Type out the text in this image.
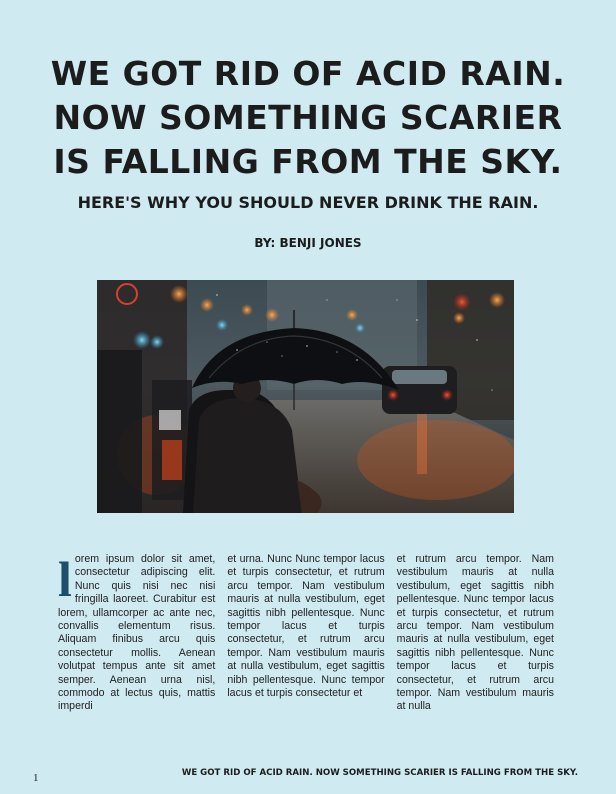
WE GOT RID OF ACID RAIN.
NOW SOMETHING SCARIER
IS FALLING FROM THE SKY.
HERE'S WHY YOU SHOULD NEVER DRINK THE RAIN.

BY: BENJI JONES

lorem ipsum dolor sit amet, consectetur adipiscing elit. Nunc quis nisi nec nisi fringilla laoreet. Curabitur est lorem, ullamcorper ac ante nec, convallis elementum risus. Aliquam finibus arcu quis consectetur mollis. Aenean volutpat tempus ante sit amet semper. Aenean urna nisl, commodo at lectus quis, mattis imperdi

et urna. Nunc Nunc tempor lacus et turpis consectetur, et rutrum arcu tempor. Nam vestibulum mauris at nulla vestibulum, eget sagittis nibh pellentesque. Nunc tempor lacus et turpis consectetur, et rutrum arcu tempor. Nam vestibulum mauris at nulla vestibulum, eget sagittis nibh pellentesque. Nunc tempor lacus et turpis consectetur et

et rutrum arcu tempor. Nam vestibulum mauris at nulla vestibulum, eget sagittis nibh pellentesque. Nunc tempor lacus et turpis consectetur, et rutrum arcu tempor. Nam vestibulum mauris at nulla vestibulum, eget sagittis nibh pellentesque. Nunc tempor lacus et turpis consectetur, et rutrum arcu tempor. Nam vestibulum mauris at nulla

1	WE GOT RID OF ACID RAIN. NOW SOMETHING SCARIER IS FALLING FROM THE SKY.
